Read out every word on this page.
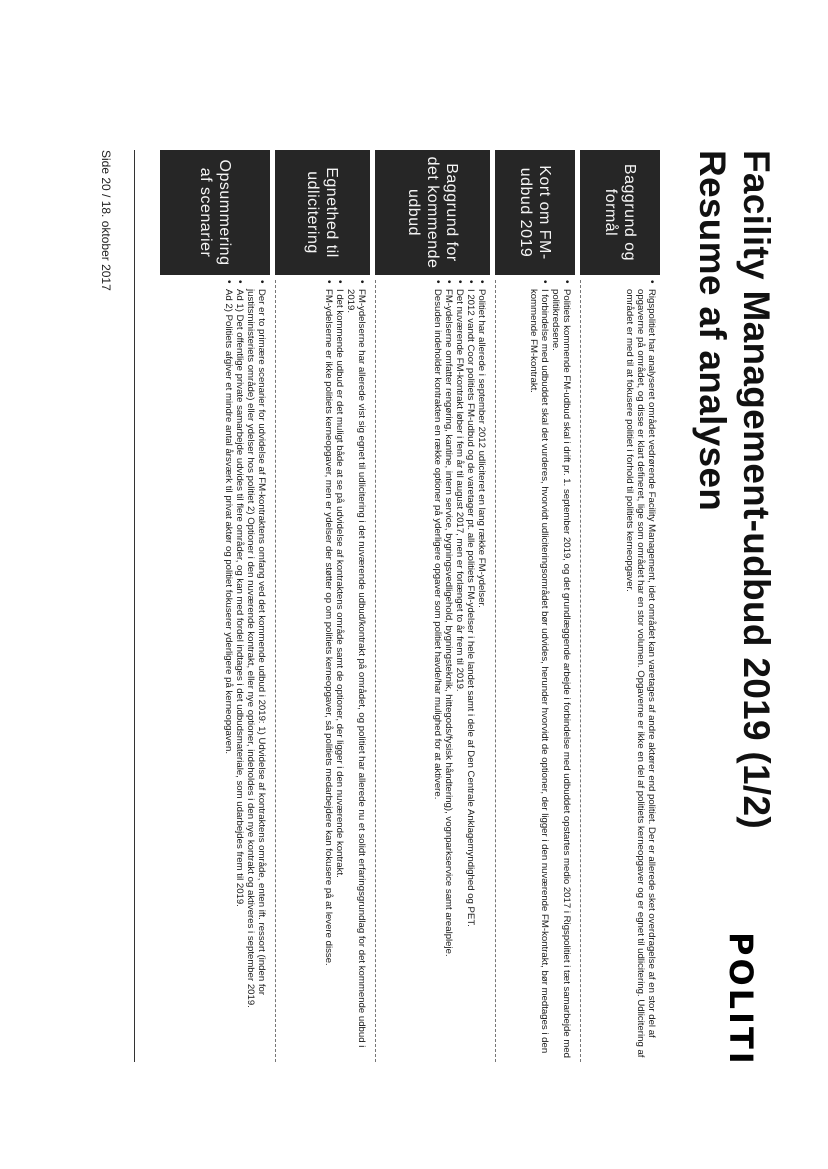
Facility Management-udbud 2019 (1/2) Resume af analysen
POLITI
Baggrund og formål
• Rigspolitiet har analyseret området vedrørende Facility Management, idet området kan varetages af andre aktører end politiet. Der er allerede sket overdragelse af en stor del af opgaverne på området, og disse er klart defineret, lige som området har en stor volumen. Opgaverne er ikke en del af politiets kerneopgaver og er egnet til udlicitering. Udlicitering af området er med til at fokusere politiet i forhold til politiets kerneopgaver.
Kort om FM-udbud 2019
• Politiets kommende FM-udbud skal i drift pr. 1. september 2019, og det grundlæggende arbejde i forbindelse med udbuddet opstartes medio 2017 i Rigspolitiet i tæt samarbejde med politikredsene.
• I forbindelse med udbuddet skal det vurderes, hvorvidt udliciteringsområdet bør udvides, herunder hvorvidt de optioner, der ligger i den nuværende FM-kontrakt, bør medtages i den kommende FM-kontrakt.
Baggrund for det kommende udbud
• Politiet har allerede i september 2012 udliciteret en lang række FM-ydelser.
• I 2012 vandt Coor politiets FM-udbud og de varetager pt. alle politiets FM-ydelser i hele landet samt i dele af Den Centrale Anklagemyndighed og PET.
• Det nuværende FM-kontrakt løber i fem år til august 2017, men er forlænget to år frem til 2019.
• FM-ydelserne omfatter rengøring, kantine, intern service, bygningsvedligehold, bygningsteknik, hittegods/fysisk håndtering), vognparkservice samt arealpleje.
• Desuden indeholder kontrakten en række optioner på yderligere opgaver som politiet havde/har mulighed for at aktivere.
Egnethed til udlicitering
• FM-ydelserne har allerede vist sig egnet til udlicitering i det nuværende udbud/kontrakt på området, og politiet har allerede nu et solidt erfaringsgrundlag for det kommende udbud i 2019.
• I det kommende udbud er det muligt både at se på udvidelse af kontraktens område samt de optioner, der ligger i den nuværende kontrakt.
• FM-ydelserne er ikke politiets kerneopgaver, men er ydelser der støtter op om politiets kerneopgaver, så politiets medarbejdere kan fokusere på at levere disse.
Opsummering af scenarier
• Der er to primære scenarier for udvidelse af FM-kontraktens omfang ved det kommende udbud i 2019: 1) Udvidelse af kontraktens område, enten ift. ressort (inden for justitsministeriets område) eller ydelser hos politiet 2) Optioner i den nuværende kontrakt, eller nye optioner, indeholdes i den nye kontrakt og aktiveres i september 2019.
• Ad 1) Det offentlige private samarbejde udvides til flere områder, og kan med fordel indtages i det udbudsmateriale, som udarbejdes frem til 2019.
• Ad 2) Politiets afgiver et mindre antal årsværk til privat aktør og politiet fokuserer yderligere på kerneopgaven.
Side 20 / 18. oktober 2017
